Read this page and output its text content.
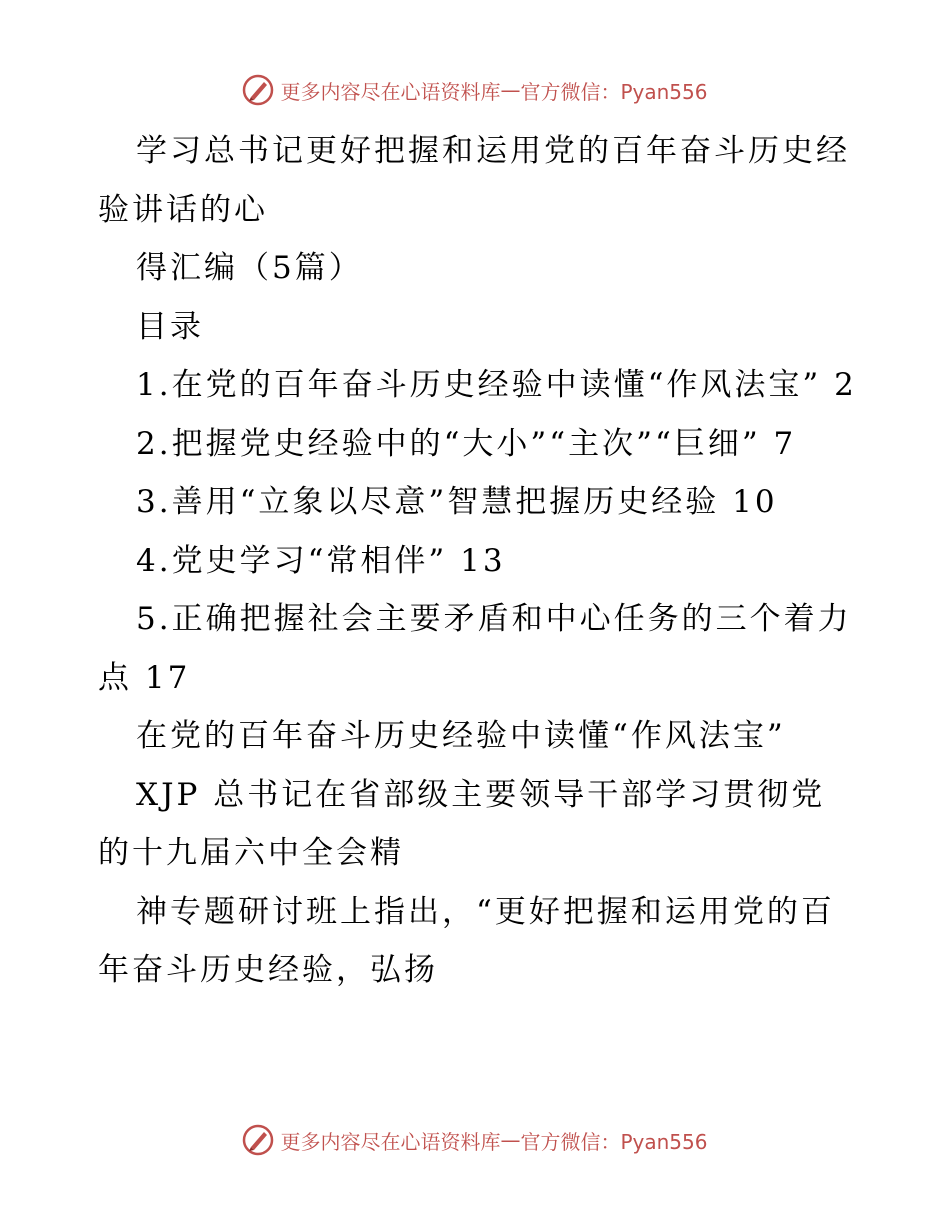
更多内容尽在心语资料库 — 官方微信：Pyan556

学习总书记更好把握和运用党的百年奋斗历史经验讲话的心

得汇编（5篇）

目录

1.在党的百年奋斗历史经验中读懂“作风法宝” 2

2.把握党史经验中的“大小”“主次”“巨细” 7

3.善用“立象以尽意”智慧把握历史经验 10

4.党史学习“常相伴” 13

5.正确把握社会主要矛盾和中心任务的三个着力点 17

在党的百年奋斗历史经验中读懂“作风法宝”

XJP 总书记在省部级主要领导干部学习贯彻党的十九届六中全会精

神专题研讨班上指出，“更好把握和运用党的百年奋斗历史经验，弘扬

更多内容尽在心语资料库 — 官方微信：Pyan556
